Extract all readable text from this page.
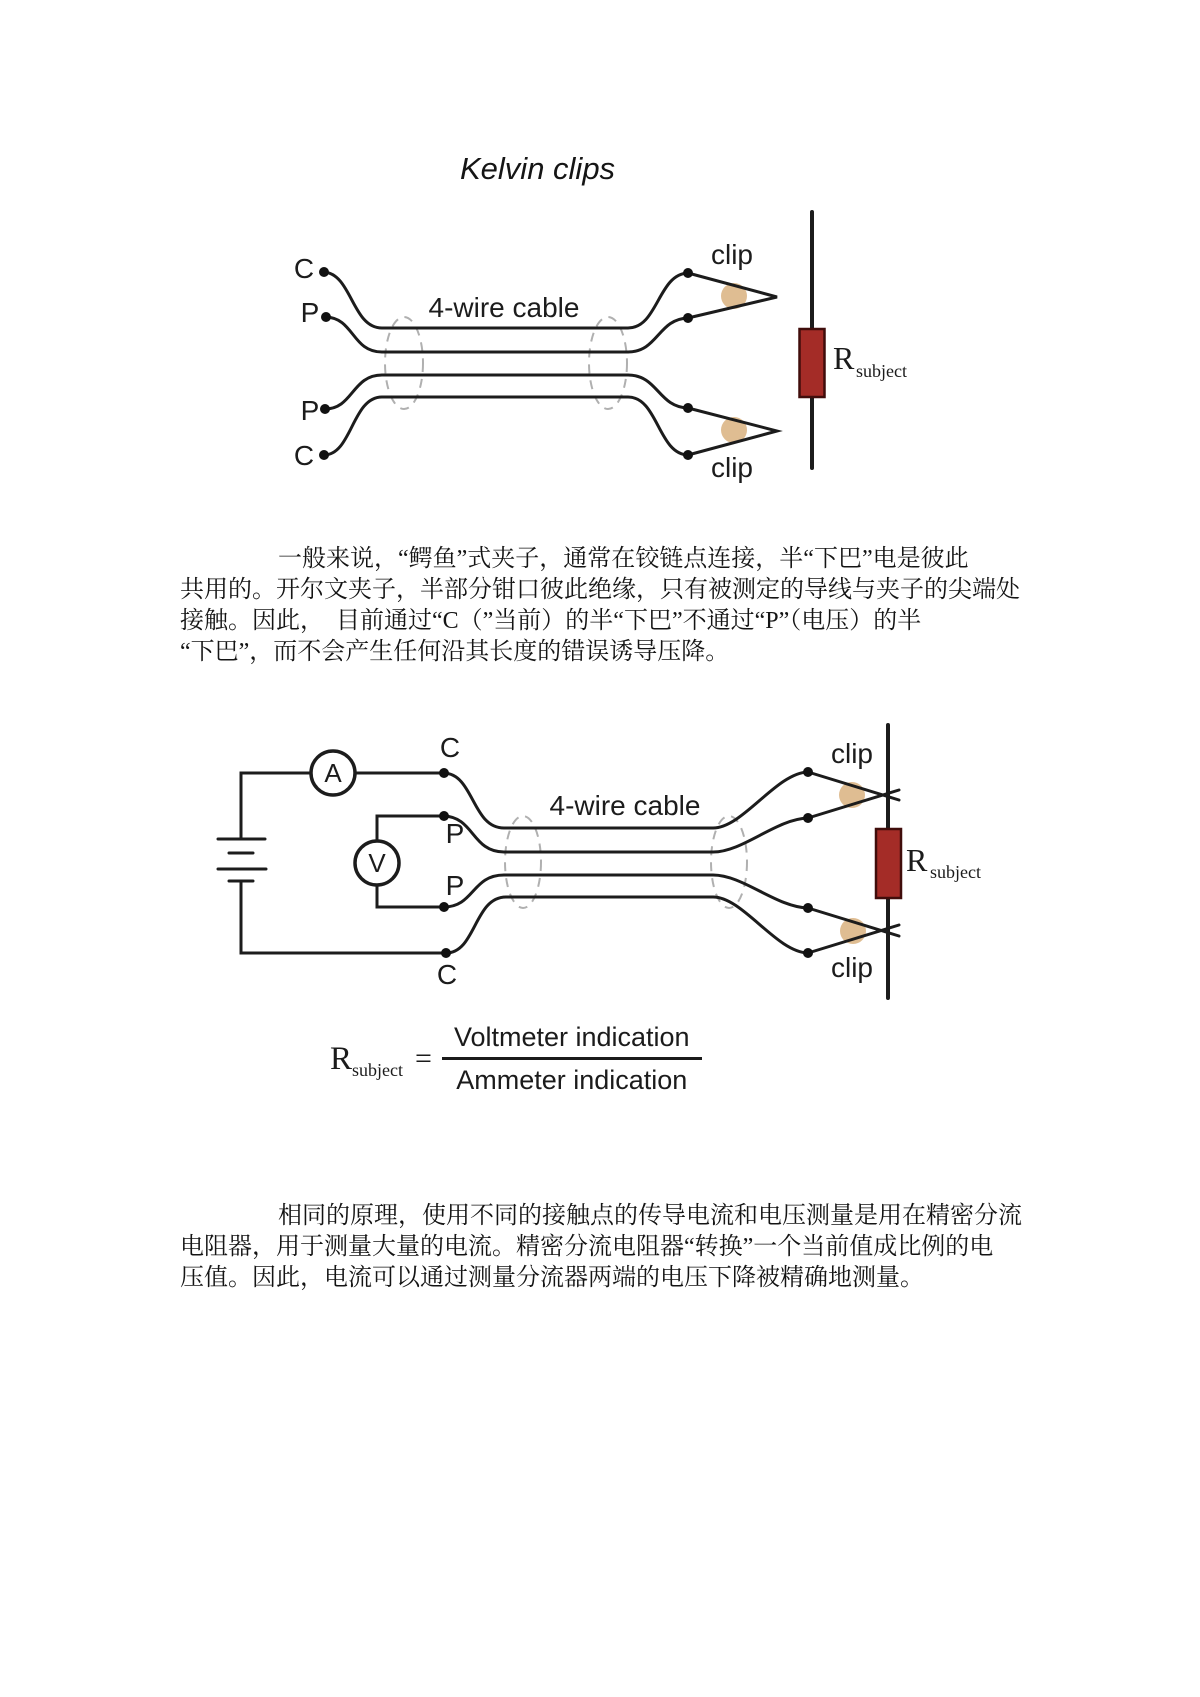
Kelvin clips
C
P
P
C
4-wire cable
clip
clip
R subject
一般来说，“鳄鱼”式夹子，通常在铰链点连接，半“下巴”电是彼此
共用的。开尔文夹子，半部分钳口彼此绝缘，只有被测定的导线与夹子的尖端处
接触。因此，　目前通过“C（”当前）的半“下巴”不通过“P”（电压）的半
“下巴”，而不会产生任何沿其长度的错误诱导压降。
A
V
C
P
P
C
4-wire cable
clip
clip
R subject
$R_{subject} = \frac{\text{Voltmeter indication}}{\text{Ammeter indication}}$
相同的原理，使用不同的接触点的传导电流和电压测量是用在精密分流
电阻器，用于测量大量的电流。精密分流电阻器“转换”一个当前值成比例的电
压值。因此，电流可以通过测量分流器两端的电压下降被精确地测量。
